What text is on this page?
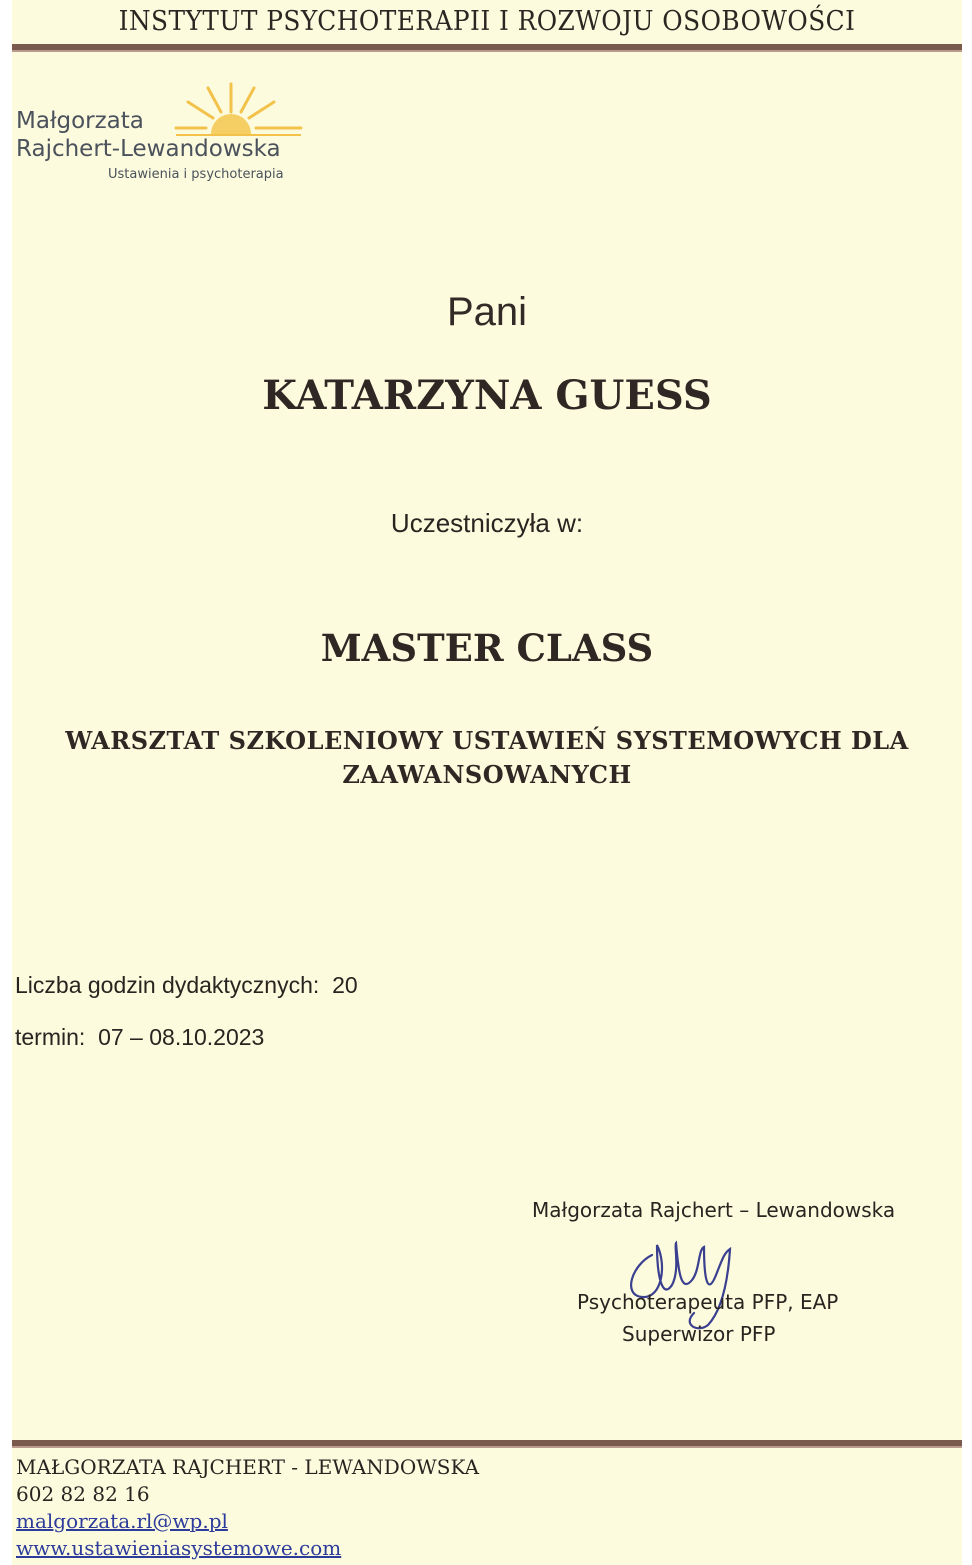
INSTYTUT PSYCHOTERAPII I ROZWOJU OSOBOWOŚCI
Małgorzata
Rajchert-Lewandowska
Ustawienia i psychoterapia
Pani
KATARZYNA GUESS
Uczestniczyła w:
MASTER CLASS
WARSZTAT SZKOLENIOWY USTAWIEŃ SYSTEMOWYCH DLA
ZAAWANSOWANYCH
Liczba godzin dydaktycznych: 20
termin: 07 – 08.10.2023
Małgorzata Rajchert – Lewandowska
Psychoterapeuta PFP, EAP
Superwizor PFP
MAŁGORZATA RAJCHERT - LEWANDOWSKA
602 82 82 16
malgorzata.rl@wp.pl
www.ustawieniasystemowe.com
